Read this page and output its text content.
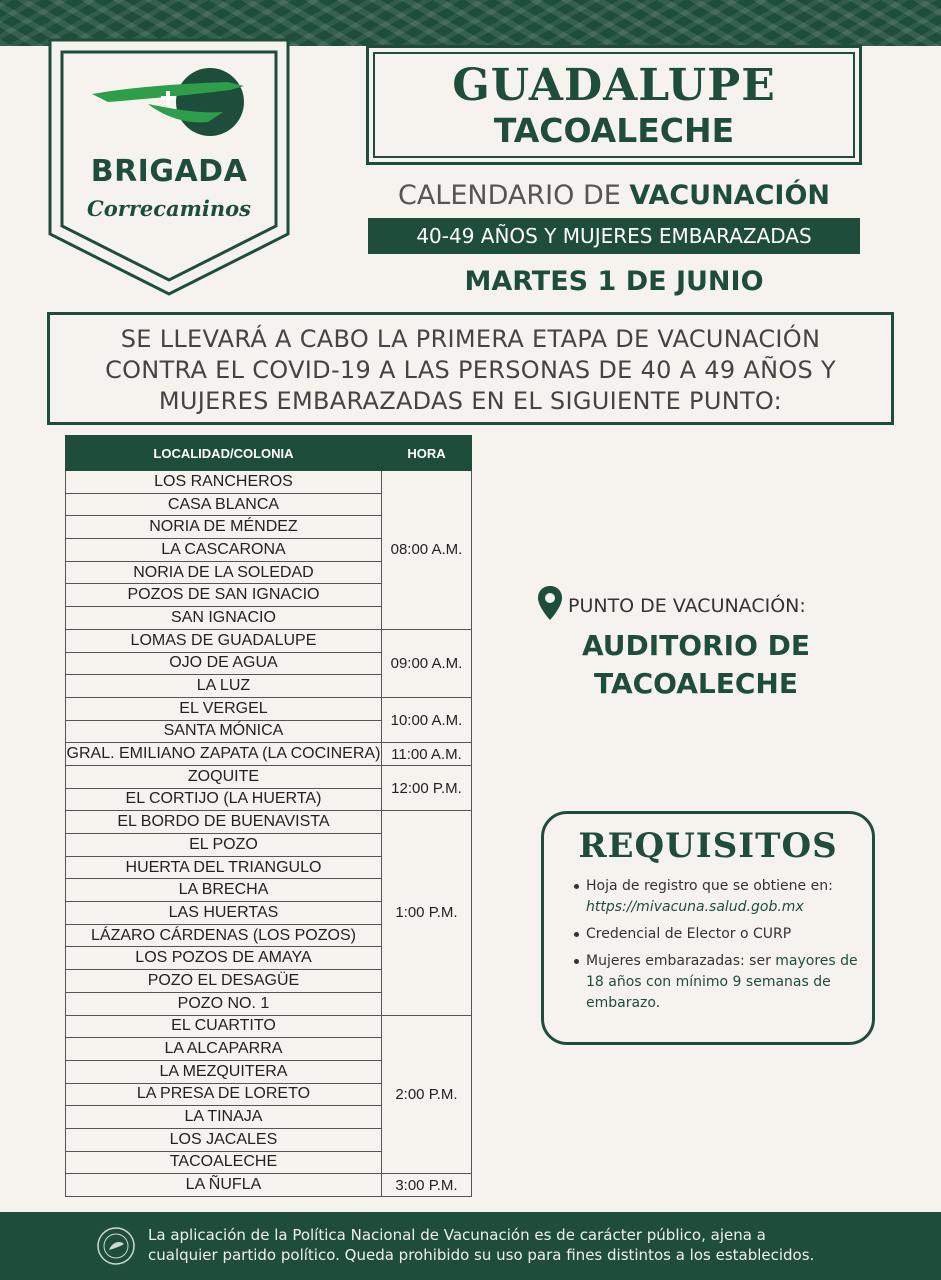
BRIGADA
Correcaminos
GUADALUPE
TACOALECHE
CALENDARIO DE VACUNACIÓN
40-49 AÑOS Y MUJERES EMBARAZADAS
MARTES 1 DE JUNIO
SE LLEVARÁ A CABO LA PRIMERA ETAPA DE VACUNACIÓN
CONTRA EL COVID-19 A LAS PERSONAS DE 40 A 49 AÑOS Y
MUJERES EMBARAZADAS EN EL SIGUIENTE PUNTO:
LOCALIDAD/COLONIA	HORA
LOS RANCHEROS	08:00 A.M.
CASA BLANCA	
NORIA DE MÉNDEZ	
LA CASCARONA	
NORIA DE LA SOLEDAD	
POZOS DE SAN IGNACIO	
SAN IGNACIO	
LOMAS DE GUADALUPE	09:00 A.M.
OJO DE AGUA	
LA LUZ	
EL VERGEL	10:00 A.M.
SANTA MÓNICA	
GRAL. EMILIANO ZAPATA (LA COCINERA)	11:00 A.M.
ZOQUITE	12:00 P.M.
EL CORTIJO (LA HUERTA)	
EL BORDO DE BUENAVISTA	1:00 P.M.
EL POZO	
HUERTA DEL TRIANGULO	
LA BRECHA	
LAS HUERTAS	
LÁZARO CÁRDENAS (LOS POZOS)	
LOS POZOS DE AMAYA	
POZO EL DESAGÜE	
POZO NO. 1	
EL CUARTITO	2:00 P.M.
LA ALCAPARRA	
LA MEZQUITERA	
LA PRESA DE LORETO	
LA TINAJA	
LOS JACALES	
TACOALECHE	
LA ÑUFLA	3:00 P.M.
PUNTO DE VACUNACIÓN:
AUDITORIO DE
TACOALECHE
REQUISITOS
Hoja de registro que se obtiene en: https://mivacuna.salud.gob.mx
Credencial de Elector o CURP
Mujeres embarazadas: ser mayores de 18 años con mínimo 9 semanas de embarazo.
La aplicación de la Política Nacional de Vacunación es de carácter público, ajena a
cualquier partido político. Queda prohibido su uso para fines distintos a los establecidos.
